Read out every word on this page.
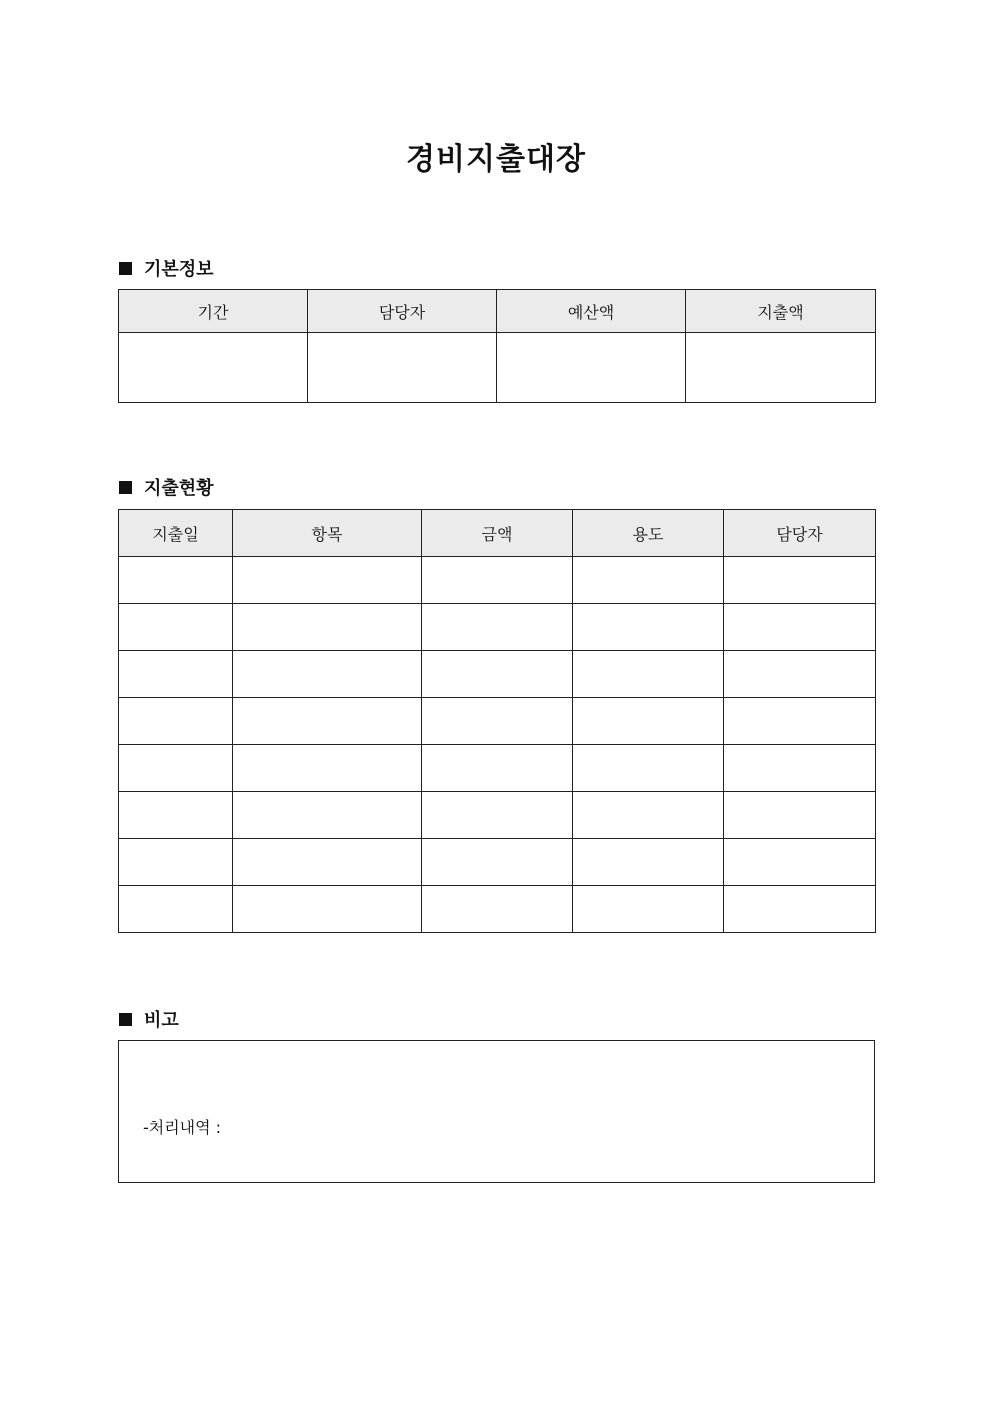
경비지출대장
기본정보
기간	담당자	예산액	지출액

지출현황
지출일	항목	금액	용도	담당자

비고
-처리내역 :
